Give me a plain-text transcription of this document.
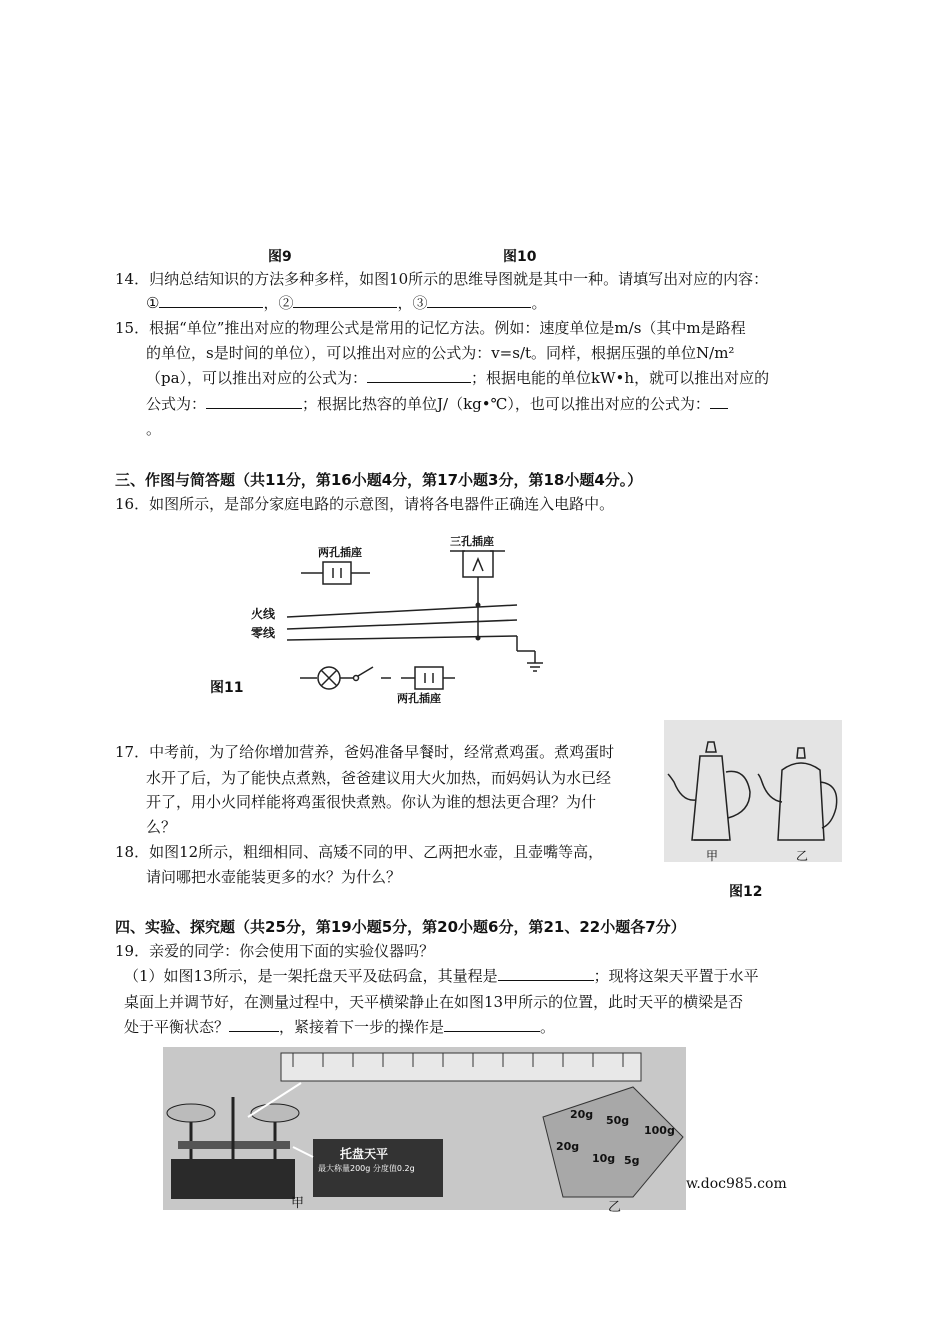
图9	图10
14．归纳总结知识的方法多种多样，如图10所示的思维导图就是其中一种。请填写出对应的内容：
①	，②	，③	。
15．根据“单位”推出对应的物理公式是常用的记忆方法。例如：速度单位是m/s（其中m是路程
的单位，s是时间的单位），可以推出对应的公式为：v=s/t。同样，根据压强的单位N/m²
（pa），可以推出对应的公式为：	；根据电能的单位kW•h，就可以推出对应的
公式为：	；根据比热容的单位J/（kg•℃），也可以推出对应的公式为：
。
三、作图与简答题（共11分，第16小题4分，第17小题3分，第18小题4分。）
16．如图所示，是部分家庭电路的示意图，请将各电器件正确连入电路中。
两孔插座
三孔插座
火线
零线
两孔插座
图11
甲	乙
图12
17．中考前，为了给你增加营养，爸妈准备早餐时，经常煮鸡蛋。煮鸡蛋时
水开了后，为了能快点煮熟，爸爸建议用大火加热，而妈妈认为水已经
开了，用小火同样能将鸡蛋很快煮熟。你认为谁的想法更合理？为什
么？
18．如图12所示，粗细相同、高矮不同的甲、乙两把水壶，且壶嘴等高，
请问哪把水壶能装更多的水？为什么？
四、实验、探究题（共25分，第19小题5分，第20小题6分，第21、22小题各7分）
19．亲爱的同学：你会使用下面的实验仪器吗？
（1）如图13所示，是一架托盘天平及砝码盒，其量程是	；现将这架天平置于水平
桌面上并调节好，在测量过程中，天平横梁静止在如图13甲所示的位置，此时天平的横梁是否
处于平衡状态？	，紧接着下一步的操作是	。
托盘天平
最大称量200g 分度值0.2g
20g 50g
100g
20g
10g 5g
甲	乙
w.doc985.com
